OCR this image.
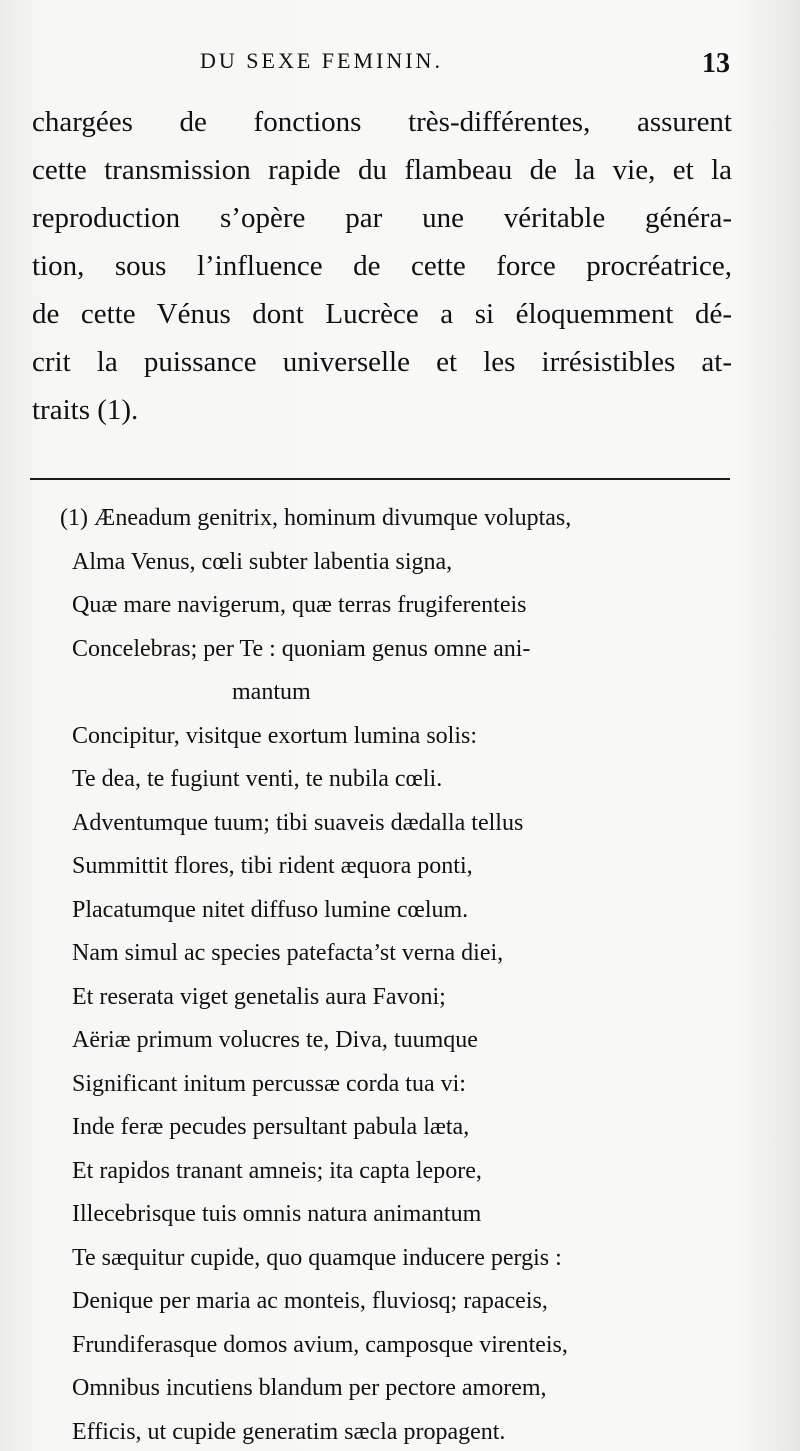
DU SEXE FEMININ.	13
chargées de fonctions très-différentes, assurent
cette transmission rapide du flambeau de la vie, et la
reproduction s’opère par une véritable généra-
tion, sous l’influence de cette force procréatrice,
de cette Vénus dont Lucrèce a si éloquemment dé-
crit la puissance universelle et les irrésistibles at-
traits (1).
(1) Æneadum genitrix, hominum divumque voluptas,
Alma Venus, cœli subter labentia signa,
Quæ mare navigerum, quæ terras frugiferenteis
Concelebras; per Te : quoniam genus omne ani-
mantum
Concipitur, visitque exortum lumina solis:
Te dea, te fugiunt venti, te nubila cœli.
Adventumque tuum; tibi suaveis dædalla tellus
Summittit flores, tibi rident æquora ponti,
Placatumque nitet diffuso lumine cœlum.
Nam simul ac species patefacta’st verna diei,
Et reserata viget genetalis aura Favoni;
Aëriæ primum volucres te, Diva, tuumque
Significant initum percussæ corda tua vi:
Inde feræ pecudes persultant pabula læta,
Et rapidos tranant amneis; ita capta lepore,
Illecebrisque tuis omnis natura animantum
Te sæquitur cupide, quo quamque inducere pergis :
Denique per maria ac monteis, fluviosq; rapaceis,
Frundiferasque domos avium, camposque virenteis,
Omnibus incutiens blandum per pectore amorem,
Efficis, ut cupide generatim sæcla propagent.
